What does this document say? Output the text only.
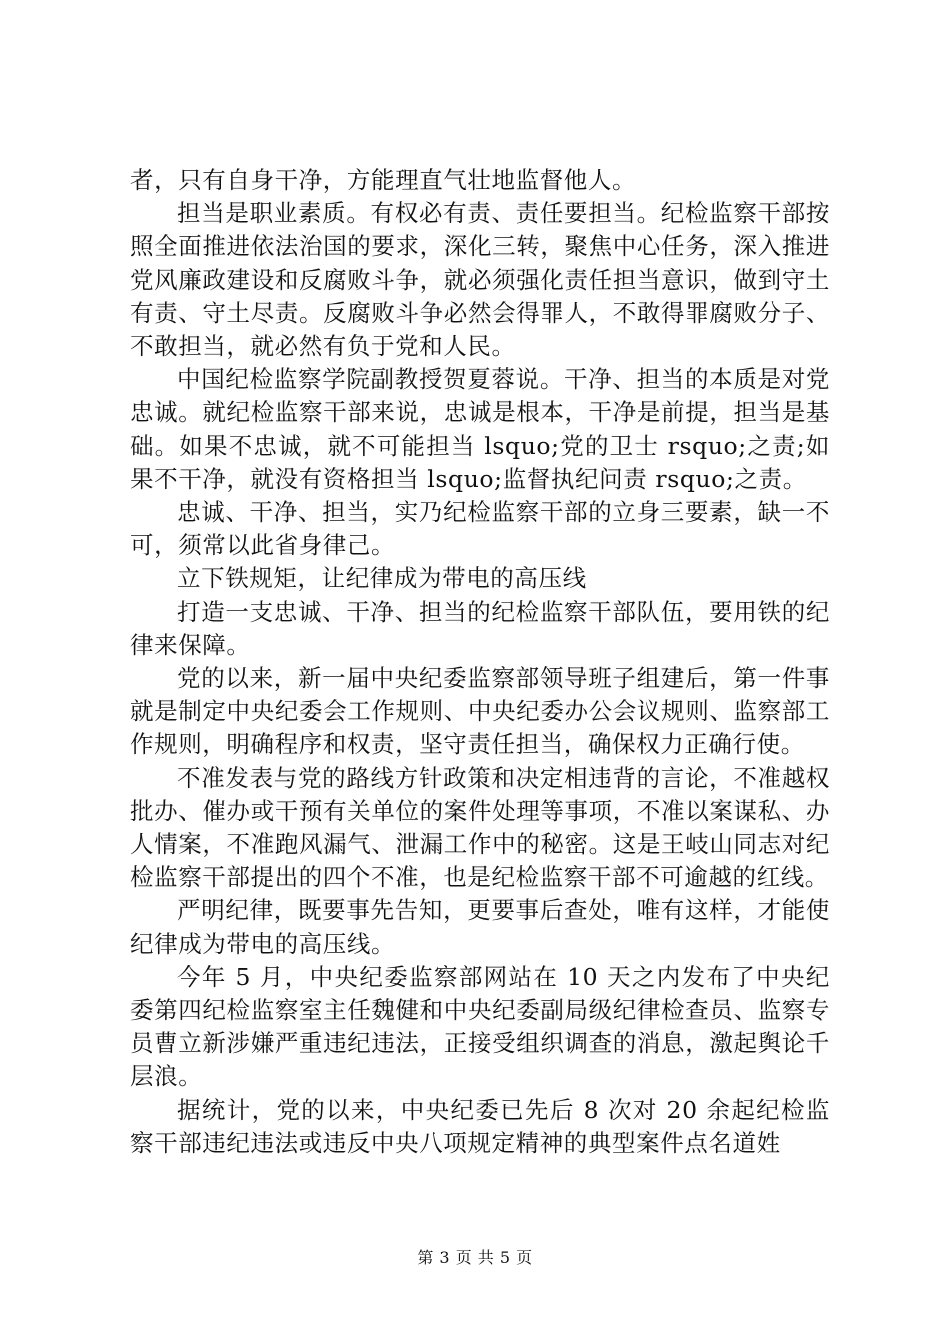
者，只有自身干净，方能理直气壮地监督他人。

担当是职业素质。有权必有责、责任要担当。纪检监察干部按照全面推进依法治国的要求，深化三转，聚焦中心任务，深入推进党风廉政建设和反腐败斗争，就必须强化责任担当意识，做到守土有责、守土尽责。反腐败斗争必然会得罪人，不敢得罪腐败分子、不敢担当，就必然有负于党和人民。

中国纪检监察学院副教授贺夏蓉说。干净、担当的本质是对党忠诚。就纪检监察干部来说，忠诚是根本，干净是前提，担当是基础。如果不忠诚，就不可能担当 lsquo;党的卫士 rsquo;之责;如果不干净，就没有资格担当 lsquo;监督执纪问责 rsquo;之责。

忠诚、干净、担当，实乃纪检监察干部的立身三要素，缺一不可，须常以此省身律己。

立下铁规矩，让纪律成为带电的高压线

打造一支忠诚、干净、担当的纪检监察干部队伍，要用铁的纪律来保障。

党的以来，新一届中央纪委监察部领导班子组建后，第一件事就是制定中央纪委会工作规则、中央纪委办公会议规则、监察部工作规则，明确程序和权责，坚守责任担当，确保权力正确行使。

不准发表与党的路线方针政策和决定相违背的言论，不准越权批办、催办或干预有关单位的案件处理等事项，不准以案谋私、办人情案，不准跑风漏气、泄漏工作中的秘密。这是王岐山同志对纪检监察干部提出的四个不准，也是纪检监察干部不可逾越的红线。

严明纪律，既要事先告知，更要事后查处，唯有这样，才能使纪律成为带电的高压线。

今年 5 月，中央纪委监察部网站在 10 天之内发布了中央纪委第四纪检监察室主任魏健和中央纪委副局级纪律检查员、监察专员曹立新涉嫌严重违纪违法，正接受组织调查的消息，激起舆论千层浪。

据统计，党的以来，中央纪委已先后 8 次对 20 余起纪检监察干部违纪违法或违反中央八项规定精神的典型案件点名道姓

第 3 页 共 5 页
